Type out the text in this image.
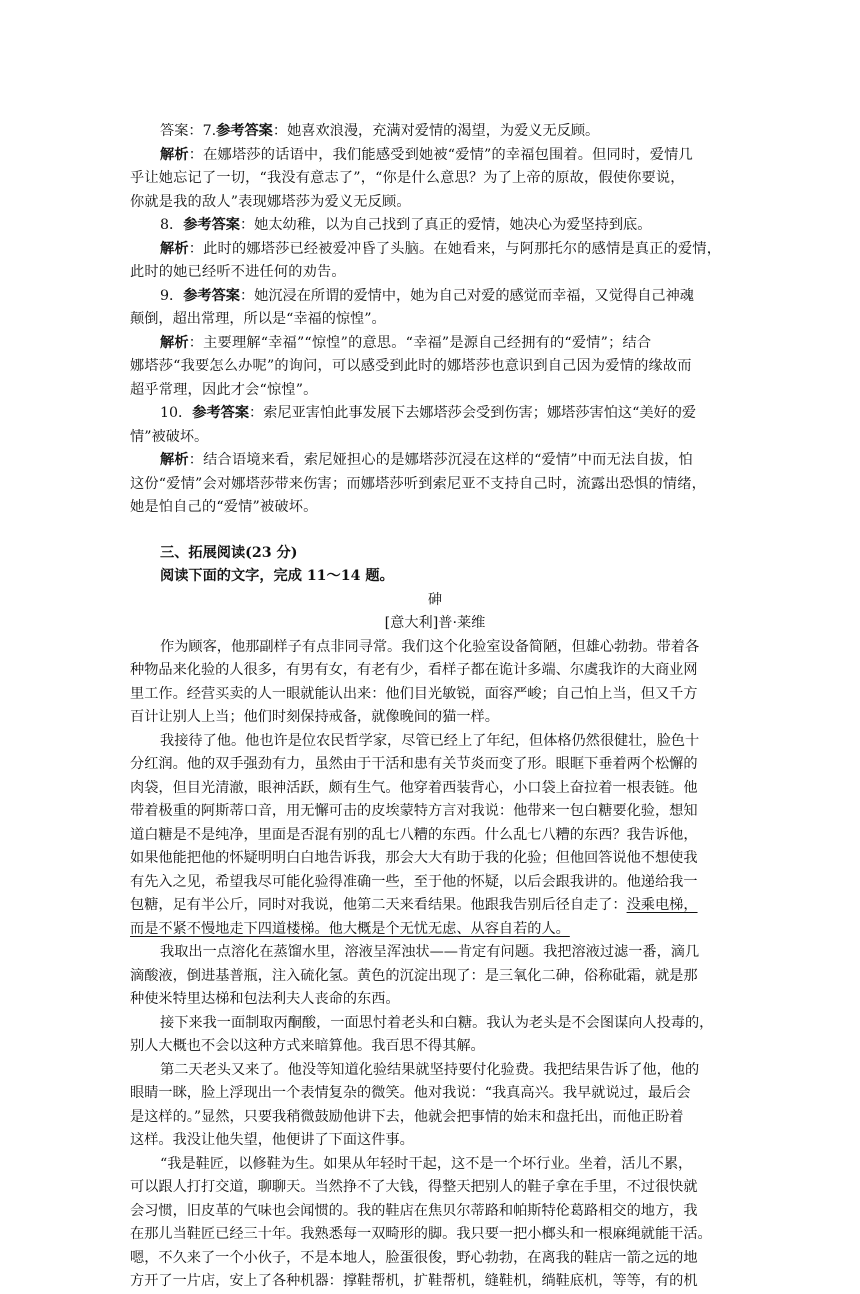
答案：7.参考答案：她喜欢浪漫，充满对爱情的渴望，为爱义无反顾。
解析：在娜塔莎的话语中，我们能感受到她被“爱情”的幸福包围着。但同时，爱情几
乎让她忘记了一切，“我没有意志了”，“你是什么意思？为了上帝的原故，假使你要说，
你就是我的敌人”表现娜塔莎为爱义无反顾。
8．参考答案：她太幼稚，以为自己找到了真正的爱情，她决心为爱坚持到底。
解析：此时的娜塔莎已经被爱冲昏了头脑。在她看来，与阿那托尔的感情是真正的爱情，
此时的她已经听不进任何的劝告。
9．参考答案：她沉浸在所谓的爱情中，她为自己对爱的感觉而幸福，又觉得自己神魂
颠倒，超出常理，所以是“幸福的惊惶”。
解析：主要理解“幸福”“惊惶”的意思。“幸福”是源自己经拥有的“爱情”；结合
娜塔莎“我要怎么办呢”的询问，可以感受到此时的娜塔莎也意识到自己因为爱情的缘故而
超乎常理，因此才会“惊惶”。
10．参考答案：索尼亚害怕此事发展下去娜塔莎会受到伤害；娜塔莎害怕这“美好的爱
情”被破坏。
解析：结合语境来看，索尼娅担心的是娜塔莎沉浸在这样的“爱情”中而无法自拔，怕
这份“爱情”会对娜塔莎带来伤害；而娜塔莎听到索尼亚不支持自己时，流露出恐惧的情绪，
她是怕自己的“爱情”被破坏。
三、拓展阅读(23 分)
阅读下面的文字，完成 11～14 题。
砷
[意大利]普·莱维
作为顾客，他那副样子有点非同寻常。我们这个化验室设备简陋，但雄心勃勃。带着各
种物品来化验的人很多，有男有女，有老有少，看样子都在诡计多端、尔虞我诈的大商业网
里工作。经营买卖的人一眼就能认出来：他们目光敏锐，面容严峻；自己怕上当，但又千方
百计让别人上当；他们时刻保持戒备，就像晚间的猫一样。
我接待了他。他也许是位农民哲学家，尽管已经上了年纪，但体格仍然很健壮，脸色十
分红润。他的双手强劲有力，虽然由于干活和患有关节炎而变了形。眼眶下垂着两个松懈的
肉袋，但目光清澈，眼神活跃，颇有生气。他穿着西装背心，小口袋上奋拉着一根表链。他
带着极重的阿斯蒂口音，用无懈可击的皮埃蒙特方言对我说：他带来一包白糖要化验，想知
道白糖是不是纯净，里面是否混有别的乱七八糟的东西。什么乱七八糟的东西？我告诉他，
如果他能把他的怀疑明明白白地告诉我，那会大大有助于我的化验；但他回答说他不想使我
有先入之见，希望我尽可能化验得准确一些，至于他的怀疑，以后会跟我讲的。他递给我一
包糖，足有半公斤，同时对我说，他第二天来看结果。他跟我告别后径自走了：没乘电梯，
而是不紧不慢地走下四道楼梯。他大概是个无忧无虑、从容自若的人。
我取出一点溶化在蒸馏水里，溶液呈浑浊状——肯定有问题。我把溶液过滤一番，滴几
滴酸液，倒进基普瓶，注入硫化氢。黄色的沉淀出现了：是三氧化二砷，俗称砒霜，就是那
种使米特里达梯和包法利夫人丧命的东西。
接下来我一面制取丙酮酸，一面思忖着老头和白糖。我认为老头是不会图谋向人投毒的，
别人大概也不会以这种方式来暗算他。我百思不得其解。
第二天老头又来了。他没等知道化验结果就坚持要付化验费。我把结果告诉了他，他的
眼睛一眯，脸上浮现出一个表情复杂的微笑。他对我说：“我真高兴。我早就说过，最后会
是这样的。”显然，只要我稍微鼓励他讲下去，他就会把事情的始末和盘托出，而他正盼着
这样。我没让他失望，他便讲了下面这件事。
“我是鞋匠，以修鞋为生。如果从年轻时干起，这不是一个坏行业。坐着，活儿不累，
可以跟人打打交道，聊聊天。当然挣不了大钱，得整天把别人的鞋子拿在手里，不过很快就
会习惯，旧皮革的气味也会闻惯的。我的鞋店在焦贝尔蒂路和帕斯特伦葛路相交的地方，我
在那儿当鞋匠已经三十年。我熟悉每一双畸形的脚。我只要一把小榔头和一根麻绳就能干活。
嗯，不久来了一个小伙子，不是本地人，脸蛋很俊，野心勃勃，在离我的鞋店一箭之远的地
方开了一片店，安上了各种机器：撑鞋帮机，扩鞋帮机，缝鞋机，绱鞋底机，等等，有的机
